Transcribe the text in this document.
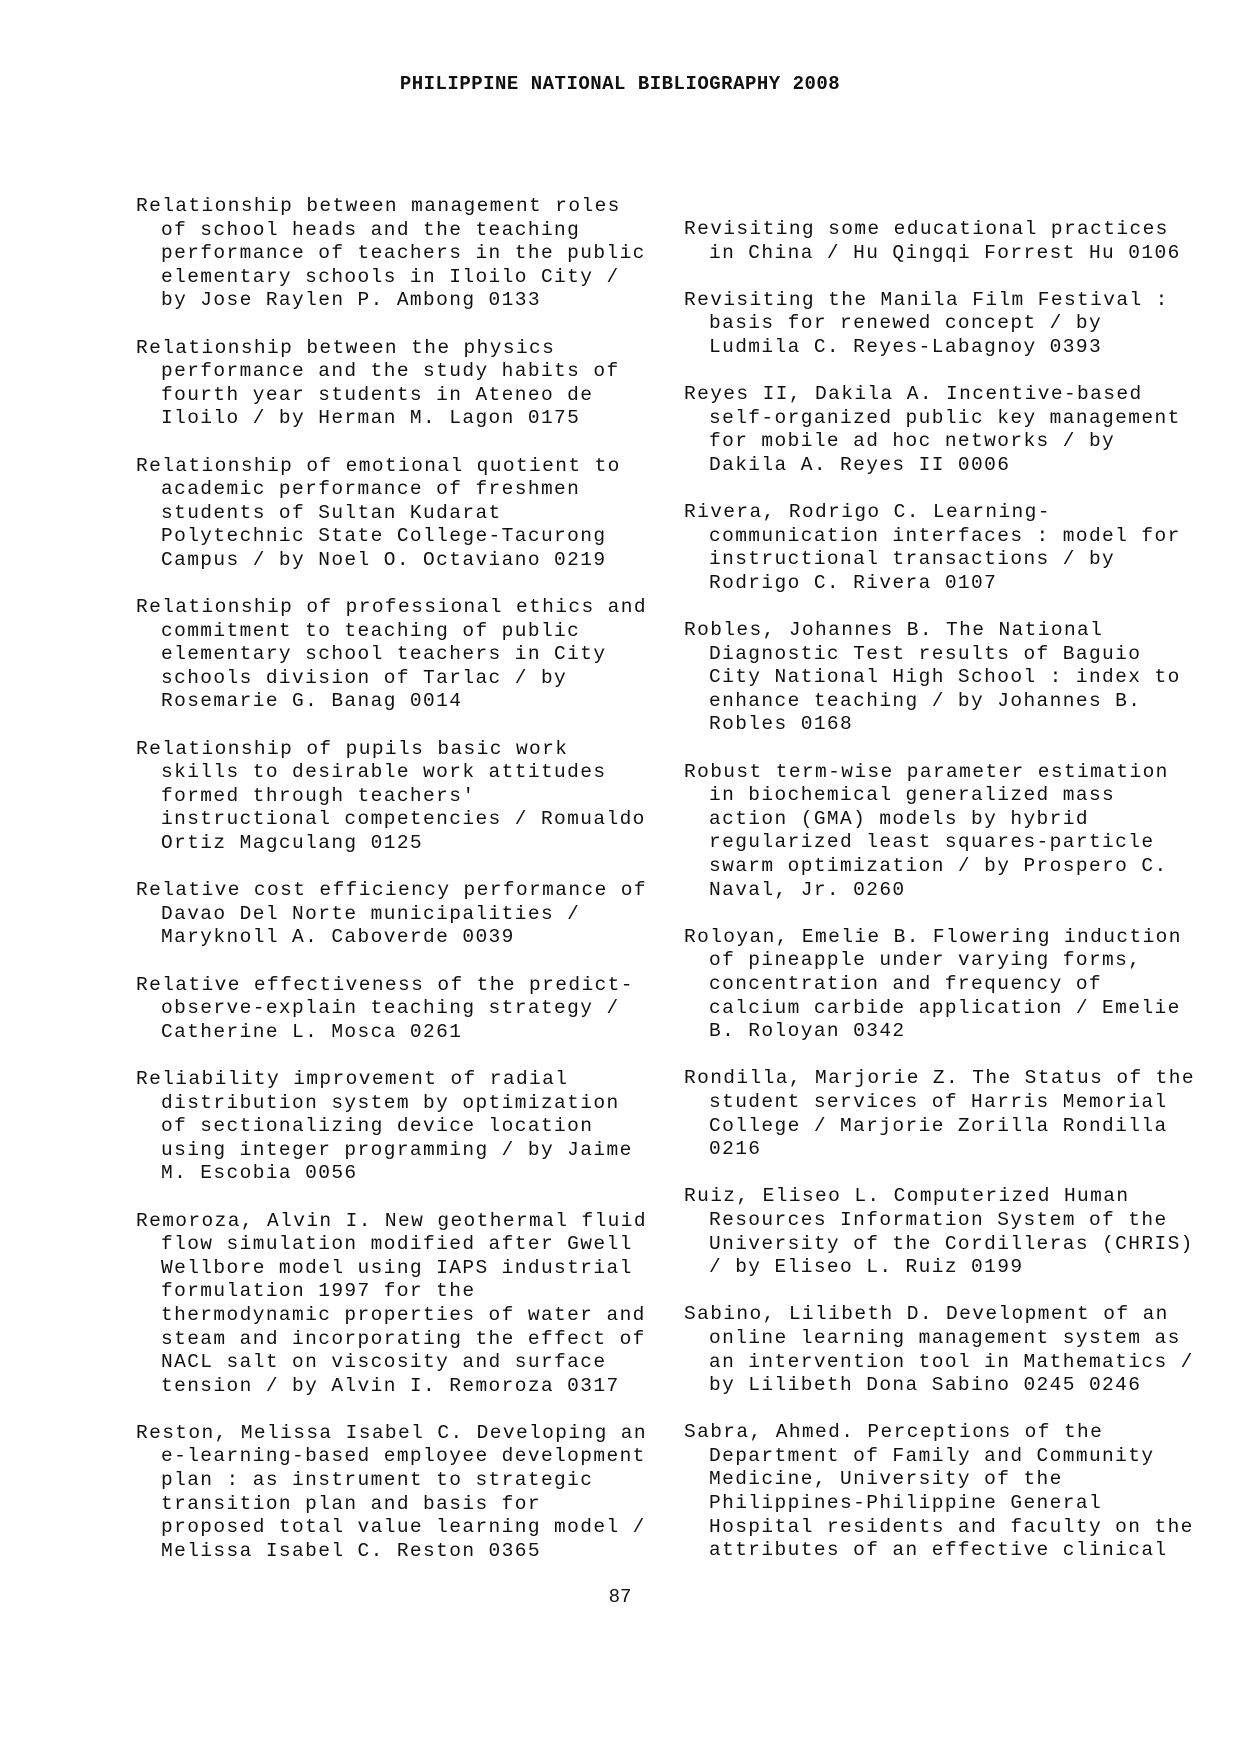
PHILIPPINE NATIONAL BIBLIOGRAPHY 2008

Relationship between management roles of school heads and the teaching performance of teachers in the public elementary schools in Iloilo City / by Jose Raylen P. Ambong 0133

Relationship between the physics performance and the study habits of fourth year students in Ateneo de Iloilo / by Herman M. Lagon 0175

Relationship of emotional quotient to academic performance of freshmen students of Sultan Kudarat Polytechnic State College-Tacurong Campus / by Noel O. Octaviano 0219

Relationship of professional ethics and commitment to teaching of public elementary school teachers in City schools division of Tarlac / by Rosemarie G. Banag 0014

Relationship of pupils basic work skills to desirable work attitudes formed through teachers' instructional competencies / Romualdo Ortiz Magculang 0125

Relative cost efficiency performance of Davao Del Norte municipalities / Maryknoll A. Caboverde 0039

Relative effectiveness of the predict-observe-explain teaching strategy / Catherine L. Mosca 0261

Reliability improvement of radial distribution system by optimization of sectionalizing device location using integer programming / by Jaime M. Escobia 0056

Remoroza, Alvin I. New geothermal fluid flow simulation modified after Gwell Wellbore model using IAPS industrial formulation 1997 for the thermodynamic properties of water and steam and incorporating the effect of NACL salt on viscosity and surface tension / by Alvin I. Remoroza 0317

Reston, Melissa Isabel C. Developing an e-learning-based employee development plan : as instrument to strategic transition plan and basis for proposed total value learning model / Melissa Isabel C. Reston 0365

Revisiting some educational practices in China / Hu Qingqi Forrest Hu 0106

Revisiting the Manila Film Festival : basis for renewed concept / by Ludmila C. Reyes-Labagnoy 0393

Reyes II, Dakila A. Incentive-based self-organized public key management for mobile ad hoc networks / by Dakila A. Reyes II 0006

Rivera, Rodrigo C. Learning-communication interfaces : model for instructional transactions / by Rodrigo C. Rivera 0107

Robles, Johannes B. The National Diagnostic Test results of Baguio City National High School : index to enhance teaching / by Johannes B. Robles 0168

Robust term-wise parameter estimation in biochemical generalized mass action (GMA) models by hybrid regularized least squares-particle swarm optimization / by Prospero C. Naval, Jr. 0260

Roloyan, Emelie B. Flowering induction of pineapple under varying forms, concentration and frequency of calcium carbide application / Emelie B. Roloyan 0342

Rondilla, Marjorie Z. The Status of the student services of Harris Memorial College / Marjorie Zorilla Rondilla 0216

Ruiz, Eliseo L. Computerized Human Resources Information System of the University of the Cordilleras (CHRIS) / by Eliseo L. Ruiz 0199

Sabino, Lilibeth D. Development of an online learning management system as an intervention tool in Mathematics / by Lilibeth Dona Sabino 0245 0246

Sabra, Ahmed. Perceptions of the Department of Family and Community Medicine, University of the Philippines-Philippine General Hospital residents and faculty on the attributes of an effective clinical

87
